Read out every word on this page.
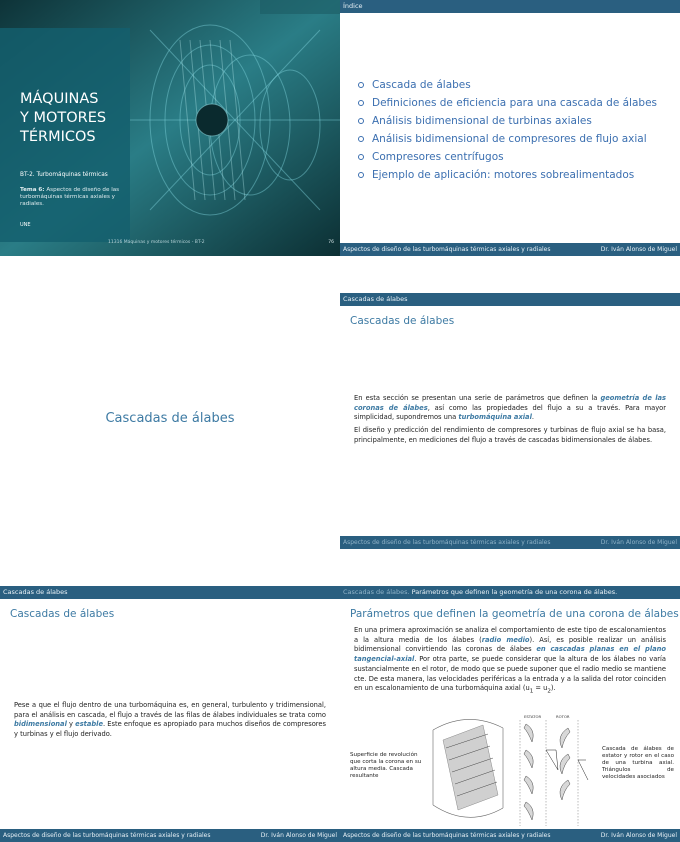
MÁQUINAS
Y MOTORES
TÉRMICOS
BT-2. Turbomáquinas térmicas
Tema 6: Aspectos de diseño de las turbomáquinas térmicas axiales y radiales.
UNE
11316 Máquinas y motores térmicos - BT-2	76
Índice
Cascada de álabes
Definiciones de eficiencia para una cascada de álabes
Análisis bidimensional de turbinas axiales
Análisis bidimensional de compresores de flujo axial
Compresores centrífugos
Ejemplo de aplicación: motores sobrealimentados
Aspectos de diseño de las turbomáquinas térmicas axiales y radiales	Dr. Iván Alonso de Miguel
Cascadas de álabes
Cascadas de álabes
Cascadas de álabes

En esta sección se presentan una serie de parámetros que definen la geometría de las coronas de álabes, así como las propiedades del flujo a su a través. Para mayor simplicidad, supondremos una turbomáquina axial.

El diseño y predicción del rendimiento de compresores y turbinas de flujo axial se ha basa, principalmente, en mediciones del flujo a través de cascadas bidimensionales de álabes.

Aspectos de diseño de las turbomáquinas térmicas axiales y radiales	Dr. Iván Alonso de Miguel
Cascadas de álabes
Cascadas de álabes

Pese a que el flujo dentro de una turbomáquina es, en general, turbulento y tridimensional, para el análisis en cascada, el flujo a través de las filas de álabes individuales se trata como bidimensional y estable. Este enfoque es apropiado para muchos diseños de compresores y turbinas y el flujo derivado.

Aspectos de diseño de las turbomáquinas térmicas axiales y radiales	Dr. Iván Alonso de Miguel
Cascadas de álabes. Parámetros que definen la geometría de una corona de álabes.
Parámetros que definen la geometría de una corona de álabes

En una primera aproximación se analiza el comportamiento de este tipo de escalonamientos a la altura media de los álabes (radio medio). Así, es posible realizar un análisis bidimensional convirtiendo las coronas de álabes en cascadas planas en el plano tangencial-axial. Por otra parte, se puede considerar que la altura de los álabes no varía sustancialmente en el rotor, de modo que se puede suponer que el radio medio se mantiene cte. De esta manera, las velocidades periféricas a la entrada y a la salida del rotor coinciden en un escalonamiento de una turbomáquina axial $(u_1 = u_2)$.

Superficie de revolución que corta la corona en su altura media. Cascada resultante
ESTATOR	ROTOR
Cascada de álabes de estator y rotor en el caso de una turbina axial. Triángulos de velocidades asociados
Aspectos de diseño de las turbomáquinas térmicas axiales y radiales	Dr. Iván Alonso de Miguel
